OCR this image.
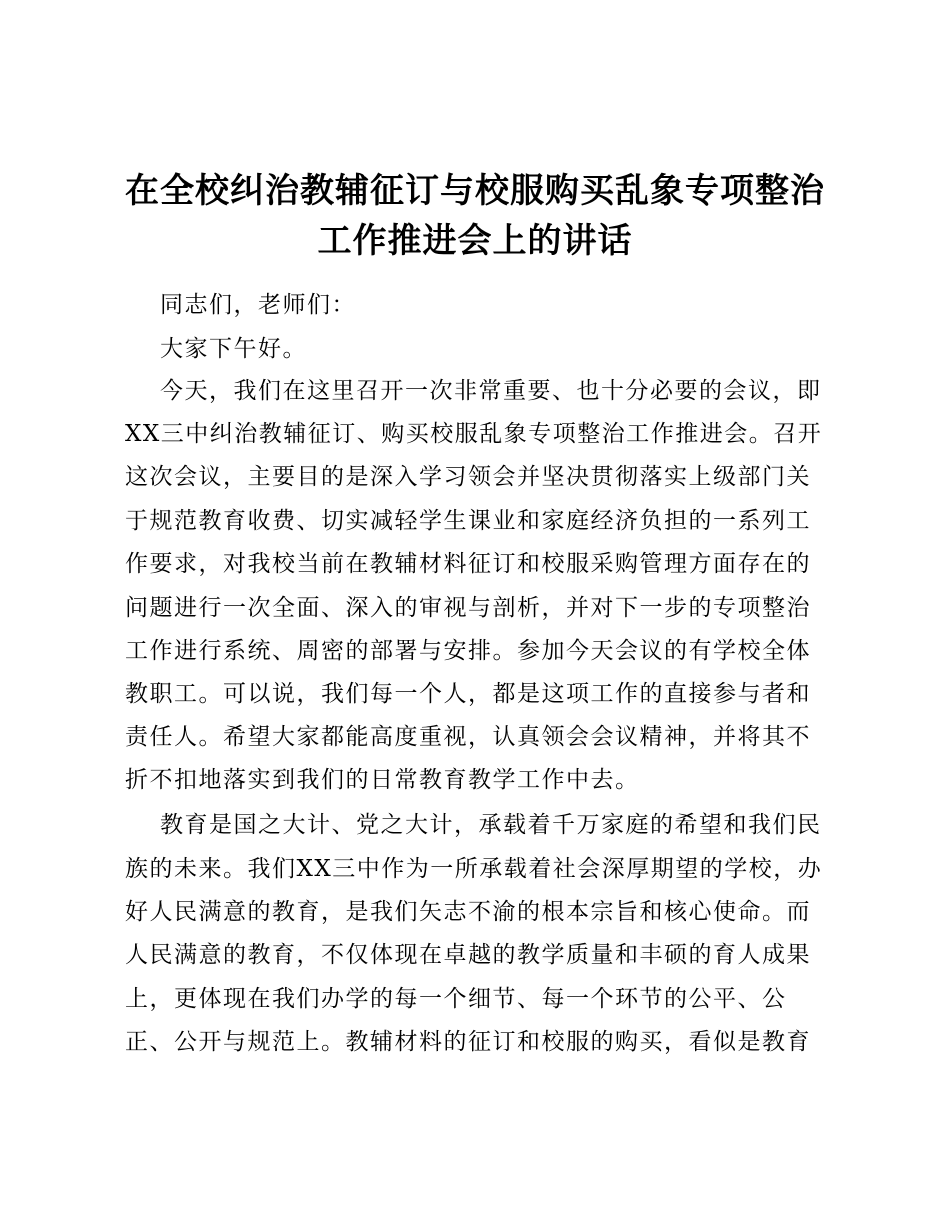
在全校纠治教辅征订与校服购买乱象专项整治
工作推进会上的讲话
同志们，老师们：
大家下午好。
今天，我们在这里召开一次非常重要、也十分必要的会议，即
XX三中纠治教辅征订、购买校服乱象专项整治工作推进会。召开
这次会议，主要目的是深入学习领会并坚决贯彻落实上级部门关
于规范教育收费、切实减轻学生课业和家庭经济负担的一系列工
作要求，对我校当前在教辅材料征订和校服采购管理方面存在的
问题进行一次全面、深入的审视与剖析，并对下一步的专项整治
工作进行系统、周密的部署与安排。参加今天会议的有学校全体
教职工。可以说，我们每一个人，都是这项工作的直接参与者和
责任人。希望大家都能高度重视，认真领会会议精神，并将其不
折不扣地落实到我们的日常教育教学工作中去。
教育是国之大计、党之大计，承载着千万家庭的希望和我们民
族的未来。我们XX三中作为一所承载着社会深厚期望的学校，办
好人民满意的教育，是我们矢志不渝的根本宗旨和核心使命。而
人民满意的教育，不仅体现在卓越的教学质量和丰硕的育人成果
上，更体现在我们办学的每一个细节、每一个环节的公平、公
正、公开与规范上。教辅材料的征订和校服的购买，看似是教育
